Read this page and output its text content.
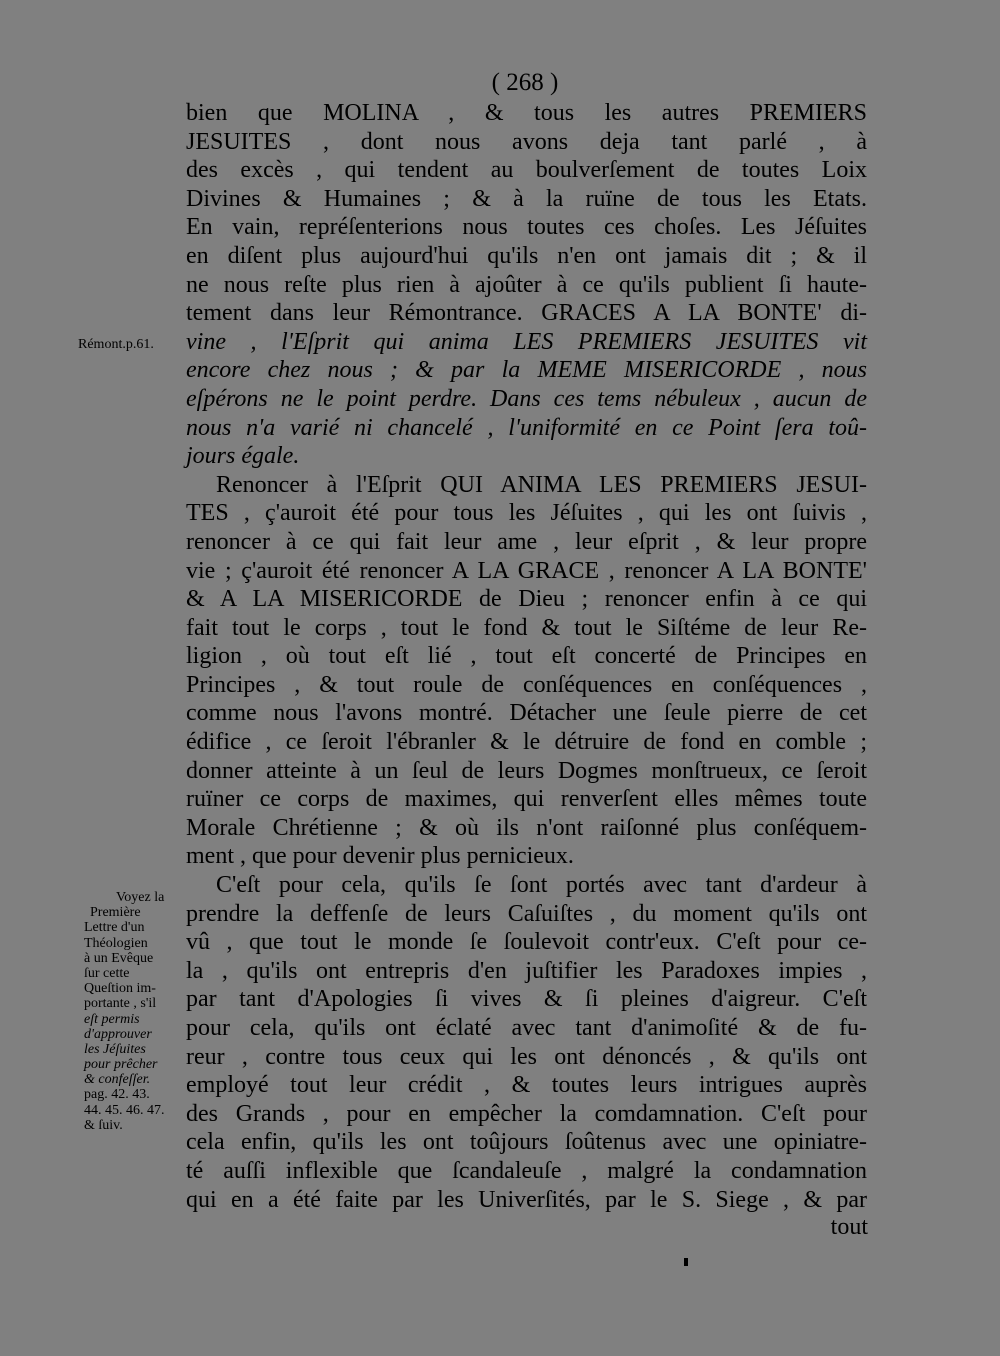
( 268 )
Rémont.p.61.
Voyez la
Première
Lettre d'un
Théologien
à un Evêque
ſur cette
Queſtion im-
portante , s'il
eſt permis
d'approuver
les Jéſuites
pour prêcher
& confeſſer.
pag. 42. 43.
44. 45. 46. 47.
& ſuiv.
bien que MOLINA , & tous les autres PREMIERS
JESUITES , dont nous avons deja tant parlé , à
des excès , qui tendent au boulverſement de toutes Loix
Divines & Humaines ; & à la ruïne de tous les Etats.
En vain, repréſenterions nous toutes ces choſes. Les Jéſuites
en diſent plus aujourd'hui qu'ils n'en ont jamais dit ; & il
ne nous reſte plus rien à ajoûter à ce qu'ils publient ſi haute-
tement dans leur Rémontrance. GRACES A LA BONTE' di-
vine , l'Eſprit qui anima LES PREMIERS JESUITES vit
encore chez nous ; & par la MEME MISERICORDE , nous
eſpérons ne le point perdre. Dans ces tems nébuleux , aucun de
nous n'a varié ni chancelé , l'uniformité en ce Point ſera toû-
jours égale.
Renoncer à l'Eſprit QUI ANIMA LES PREMIERS JESUI-
TES , ç'auroit été pour tous les Jéſuites , qui les ont ſuivis ,
renoncer à ce qui fait leur ame , leur eſprit , & leur propre
vie ; ç'auroit été renoncer A LA GRACE , renoncer A LA BONTE'
& A LA MISERICORDE de Dieu ; renoncer enfin à ce qui
fait tout le corps , tout le fond & tout le Siſtéme de leur Re-
ligion , où tout eſt lié , tout eſt concerté de Principes en
Principes , & tout roule de conſéquences en conſéquences ,
comme nous l'avons montré. Détacher une ſeule pierre de cet
édifice , ce ſeroit l'ébranler & le détruire de fond en comble ;
donner atteinte à un ſeul de leurs Dogmes monſtrueux, ce ſeroit
ruïner ce corps de maximes, qui renverſent elles mêmes toute
Morale Chrétienne ; & où ils n'ont raiſonné plus conſéquem-
ment , que pour devenir plus pernicieux.
C'eſt pour cela, qu'ils ſe ſont portés avec tant d'ardeur à
prendre la deffenſe de leurs Caſuiſtes , du moment qu'ils ont
vû , que tout le monde ſe ſoulevoit contr'eux. C'eſt pour ce-
la , qu'ils ont entrepris d'en juſtifier les Paradoxes impies ,
par tant d'Apologies ſi vives & ſi pleines d'aigreur. C'eſt
pour cela, qu'ils ont éclaté avec tant d'animoſité & de fu-
reur , contre tous ceux qui les ont dénoncés , & qu'ils ont
employé tout leur crédit , & toutes leurs intrigues auprès
des Grands , pour en empêcher la comdamnation. C'eſt pour
cela enfin, qu'ils les ont toûjours ſoûtenus avec une opiniatre-
té auſſi inflexible que ſcandaleuſe , malgré la condamnation
qui en a été faite par les Univerſités, par le S. Siege , & par
tout
